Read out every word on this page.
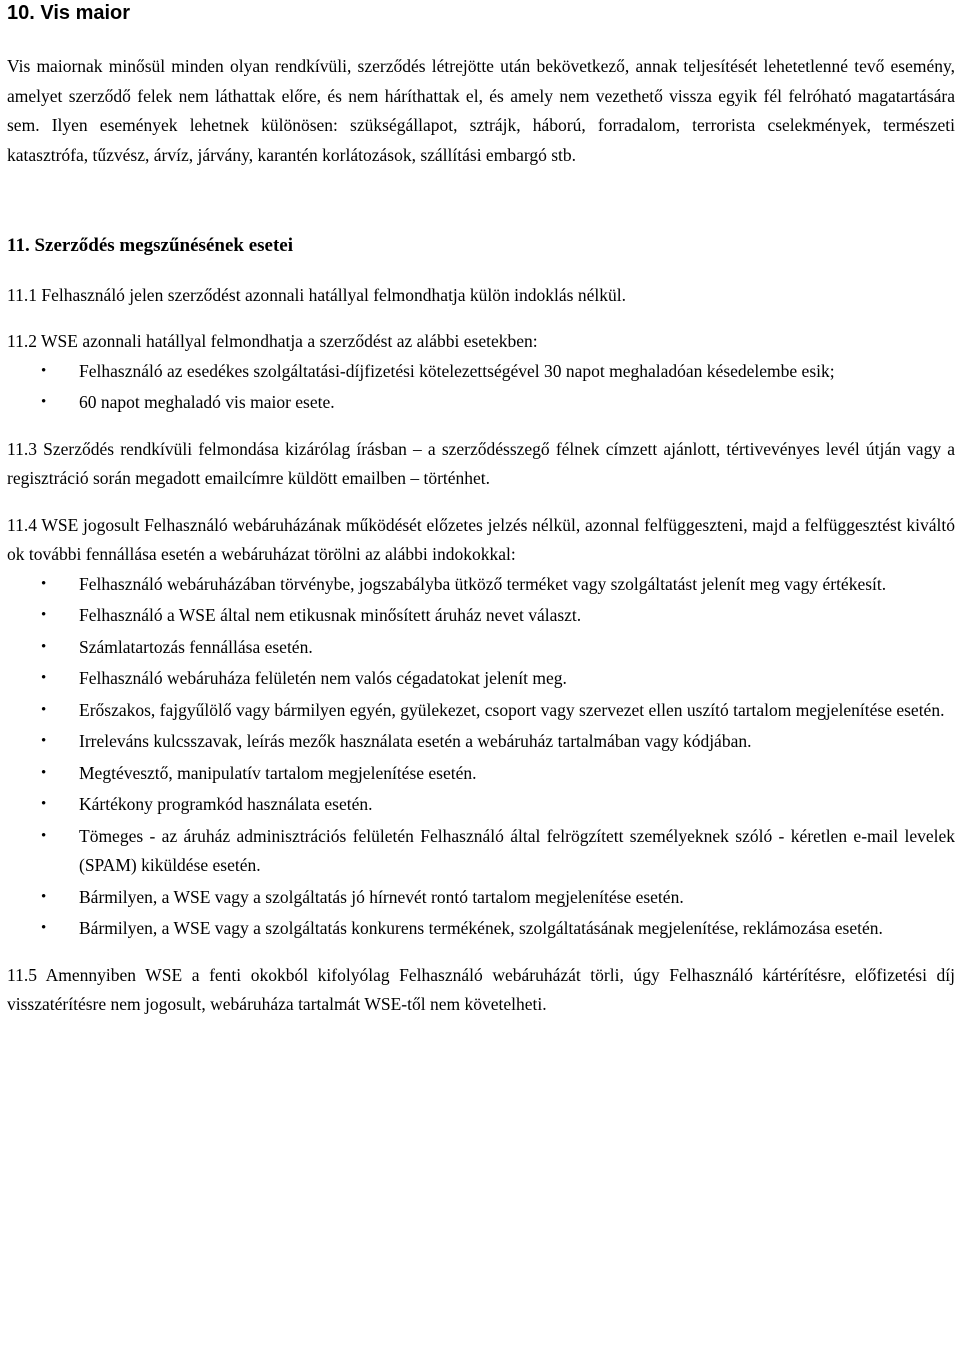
10. Vis maior

Vis maiornak minősül minden olyan rendkívüli, szerződés létrejötte után bekövetkező, annak teljesítését lehetetlenné tevő esemény, amelyet szerződő felek nem láthattak előre, és nem háríthattak el, és amely nem vezethető vissza egyik fél felróható magatartására sem. Ilyen események lehetnek különösen: szükségállapot, sztrájk, háború, forradalom, terrorista cselekmények, természeti katasztrófa, tűzvész, árvíz, járvány, karantén korlátozások, szállítási embargó stb.

11. Szerződés megszűnésének esetei

11.1 Felhasználó jelen szerződést azonnali hatállyal felmondhatja külön indoklás nélkül.

11.2 WSE azonnali hatállyal felmondhatja a szerződést az alábbi esetekben:

• Felhasználó az esedékes szolgáltatási-díjfizetési kötelezettségével 30 napot meghaladóan késedelembe esik;
• 60 napot meghaladó vis maior esete.

11.3 Szerződés rendkívüli felmondása kizárólag írásban – a szerződésszegő félnek címzett ajánlott, tértivevényes levél útján vagy a regisztráció során megadott emailcímre küldött emailben – történhet.

11.4 WSE jogosult Felhasználó webáruházának működését előzetes jelzés nélkül, azonnal felfüggeszteni, majd a felfüggesztést kiváltó ok további fennállása esetén a webáruházat törölni az alábbi indokokkal:

• Felhasználó webáruházában törvénybe, jogszabályba ütköző terméket vagy szolgáltatást jelenít meg vagy értékesít.
• Felhasználó a WSE által nem etikusnak minősített áruház nevet választ.
• Számlatartozás fennállása esetén.
• Felhasználó webáruháza felületén nem valós cégadatokat jelenít meg.
• Erőszakos, fajgyűlölő vagy bármilyen egyén, gyülekezet, csoport vagy szervezet ellen uszító tartalom megjelenítése esetén.
• Irreleváns kulcsszavak, leírás mezők használata esetén a webáruház tartalmában vagy kódjában.
• Megtévesztő, manipulatív tartalom megjelenítése esetén.
• Kártékony programkód használata esetén.
• Tömeges - az áruház adminisztrációs felületén Felhasználó által felrögzített személyeknek szóló - kéretlen e-mail levelek (SPAM) kiküldése esetén.
• Bármilyen, a WSE vagy a szolgáltatás jó hírnevét rontó tartalom megjelenítése esetén.
• Bármilyen, a WSE vagy a szolgáltatás konkurens termékének, szolgáltatásának megjelenítése, reklámozása esetén.

11.5 Amennyiben WSE a fenti okokból kifolyólag Felhasználó webáruházát törli, úgy Felhasználó kártérítésre, előfizetési díj visszatérítésre nem jogosult, webáruháza tartalmát WSE-től nem követelheti.
